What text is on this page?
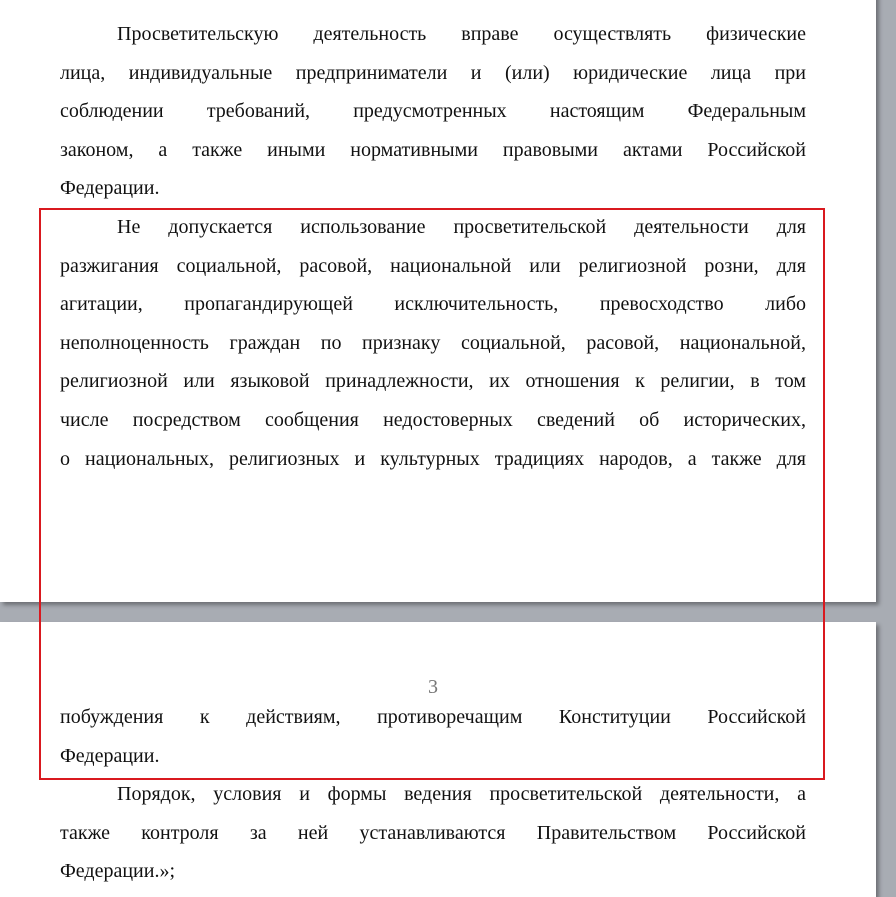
Просветительскую деятельность вправе осуществлять физические
лица, индивидуальные предприниматели и (или) юридические лица при
соблюдении требований, предусмотренных настоящим Федеральным
законом, а также иными нормативными правовыми актами Российской
Федерации.
Не допускается использование просветительской деятельности для
разжигания социальной, расовой, национальной или религиозной розни, для
агитации, пропагандирующей исключительность, превосходство либо
неполноценность граждан по признаку социальной, расовой, национальной,
религиозной или языковой принадлежности, их отношения к религии, в том
числе посредством сообщения недостоверных сведений об исторических,
о национальных, религиозных и культурных традициях народов, а также для
3
побуждения к действиям, противоречащим Конституции Российской
Федерации.
Порядок, условия и формы ведения просветительской деятельности, а
также контроля за ней устанавливаются Правительством Российской
Федерации.»;
